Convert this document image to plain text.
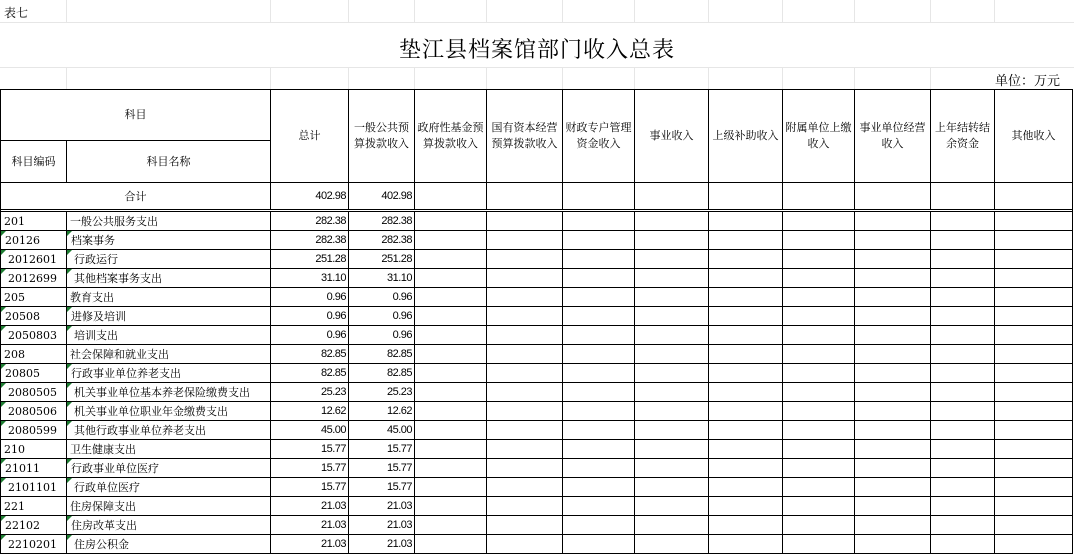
表七
垫江县档案馆部门收入总表
单位：万元
科目		总计	一般公共预算拨款收入	政府性基金预算拨款收入	国有资本经营预算拨款收入	财政专户管理资金收入	事业收入	上级补助收入	附属单位上缴收入	事业单位经营收入	上年结转结余资金	其他收入
科目编码	科目名称											
合计		402.98	402.98									

201	一般公共服务支出	282.38	282.38									
20126	档案事务	282.38	282.38									
2012601	行政运行	251.28	251.28									
2012699	其他档案事务支出	31.10	31.10									
205	教育支出	0.96	0.96									
20508	进修及培训	0.96	0.96									
2050803	培训支出	0.96	0.96									
208	社会保障和就业支出	82.85	82.85									
20805	行政事业单位养老支出	82.85	82.85									
2080505	机关事业单位基本养老保险缴费支出	25.23	25.23									
2080506	机关事业单位职业年金缴费支出	12.62	12.62									
2080599	其他行政事业单位养老支出	45.00	45.00									
210	卫生健康支出	15.77	15.77									
21011	行政事业单位医疗	15.77	15.77									
2101101	行政单位医疗	15.77	15.77									
221	住房保障支出	21.03	21.03									
22102	住房改革支出	21.03	21.03									
2210201	住房公积金	21.03	21.03									
